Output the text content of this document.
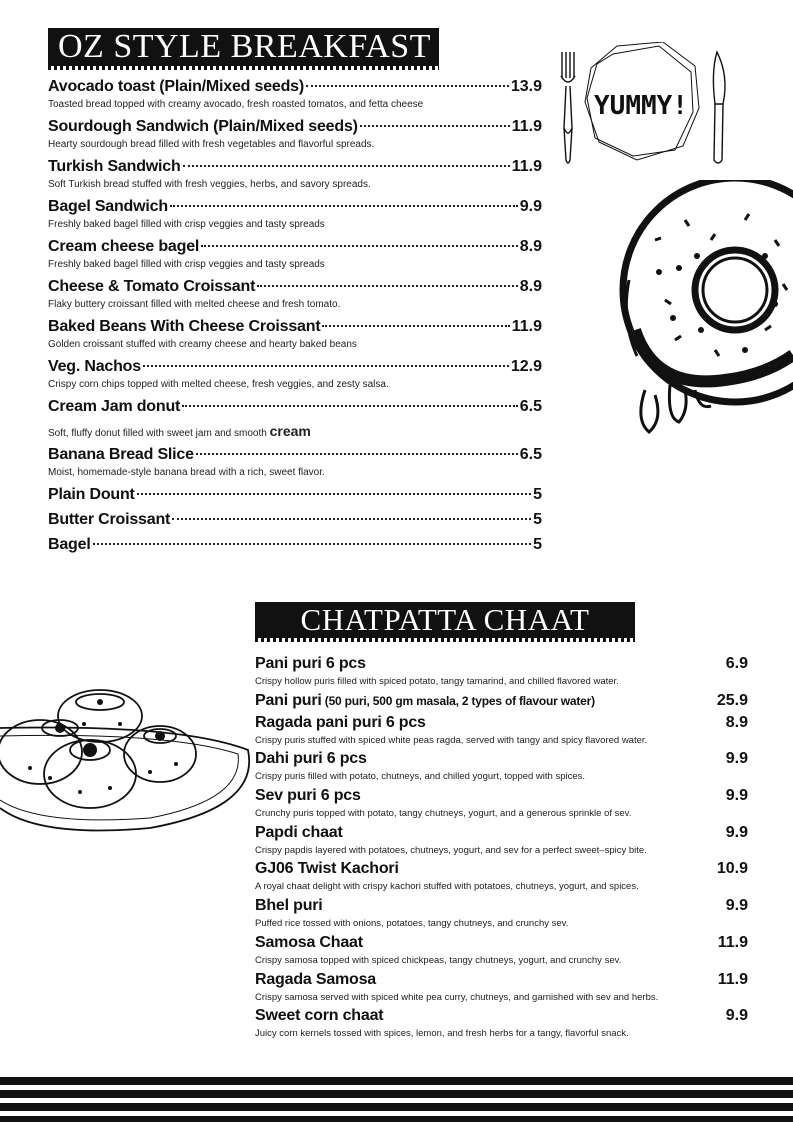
OZ STYLE BREAKFAST
Avocado toast (Plain/Mixed seeds)	13.9
Toasted bread topped with creamy avocado, fresh roasted tomatos, and fetta cheese
Sourdough Sandwich (Plain/Mixed seeds)	11.9
Hearty sourdough bread filled with fresh vegetables and flavorful spreads.
Turkish Sandwich	11.9
Soft Turkish bread stuffed with fresh veggies, herbs, and savory spreads.
Bagel Sandwich	9.9
Freshly baked bagel filled with crisp veggies and tasty spreads
Cream cheese bagel	8.9
Freshly baked bagel filled with crisp veggies and tasty spreads
Cheese & Tomato Croissant	8.9
Flaky buttery croissant filled with melted cheese and fresh tomato.
Baked Beans With Cheese Croissant	11.9
Golden croissant stuffed with creamy cheese and hearty baked beans
Veg. Nachos	12.9
Crispy corn chips topped with melted cheese, fresh veggies, and zesty salsa.
Cream Jam donut	6.5
Soft, fluffy donut filled with sweet jam and smooth cream
Banana Bread Slice	6.5
Moist, homemade-style banana bread with a rich, sweet flavor.
Plain Dount	5
Butter Croissant	5
Bagel	5
YUMMY!
CHATPATTA CHAAT
Pani puri 6 pcs	6.9
Crispy hollow puris filled with spiced potato, tangy tamarind, and chilled flavored water.
Pani puri (50 puri, 500 gm masala, 2 types of flavour water)	25.9
Ragada pani puri 6 pcs	8.9
Crispy puris stuffed with spiced white peas ragda, served with tangy and spicy flavored water.
Dahi puri 6 pcs	9.9
Crispy puris filled with potato, chutneys, and chilled yogurt, topped with spices.
Sev puri 6 pcs	9.9
Crunchy puris topped with potato, tangy chutneys, yogurt, and a generous sprinkle of sev.
Papdi chaat	9.9
Crispy papdis layered with potatoes, chutneys, yogurt, and sev for a perfect sweet–spicy bite.
GJ06 Twist Kachori	10.9
A royal chaat delight with crispy kachori stuffed with potatoes, chutneys, yogurt, and spices.
Bhel puri	9.9
Puffed rice tossed with onions, potatoes, tangy chutneys, and crunchy sev.
Samosa Chaat	11.9
Crispy samosa topped with spiced chickpeas, tangy chutneys, yogurt, and crunchy sev.
Ragada Samosa	11.9
Crispy samosa served with spiced white pea curry, chutneys, and garnished with sev and herbs.
Sweet corn chaat	9.9
Juicy corn kernels tossed with spices, lemon, and fresh herbs for a tangy, flavorful snack.
